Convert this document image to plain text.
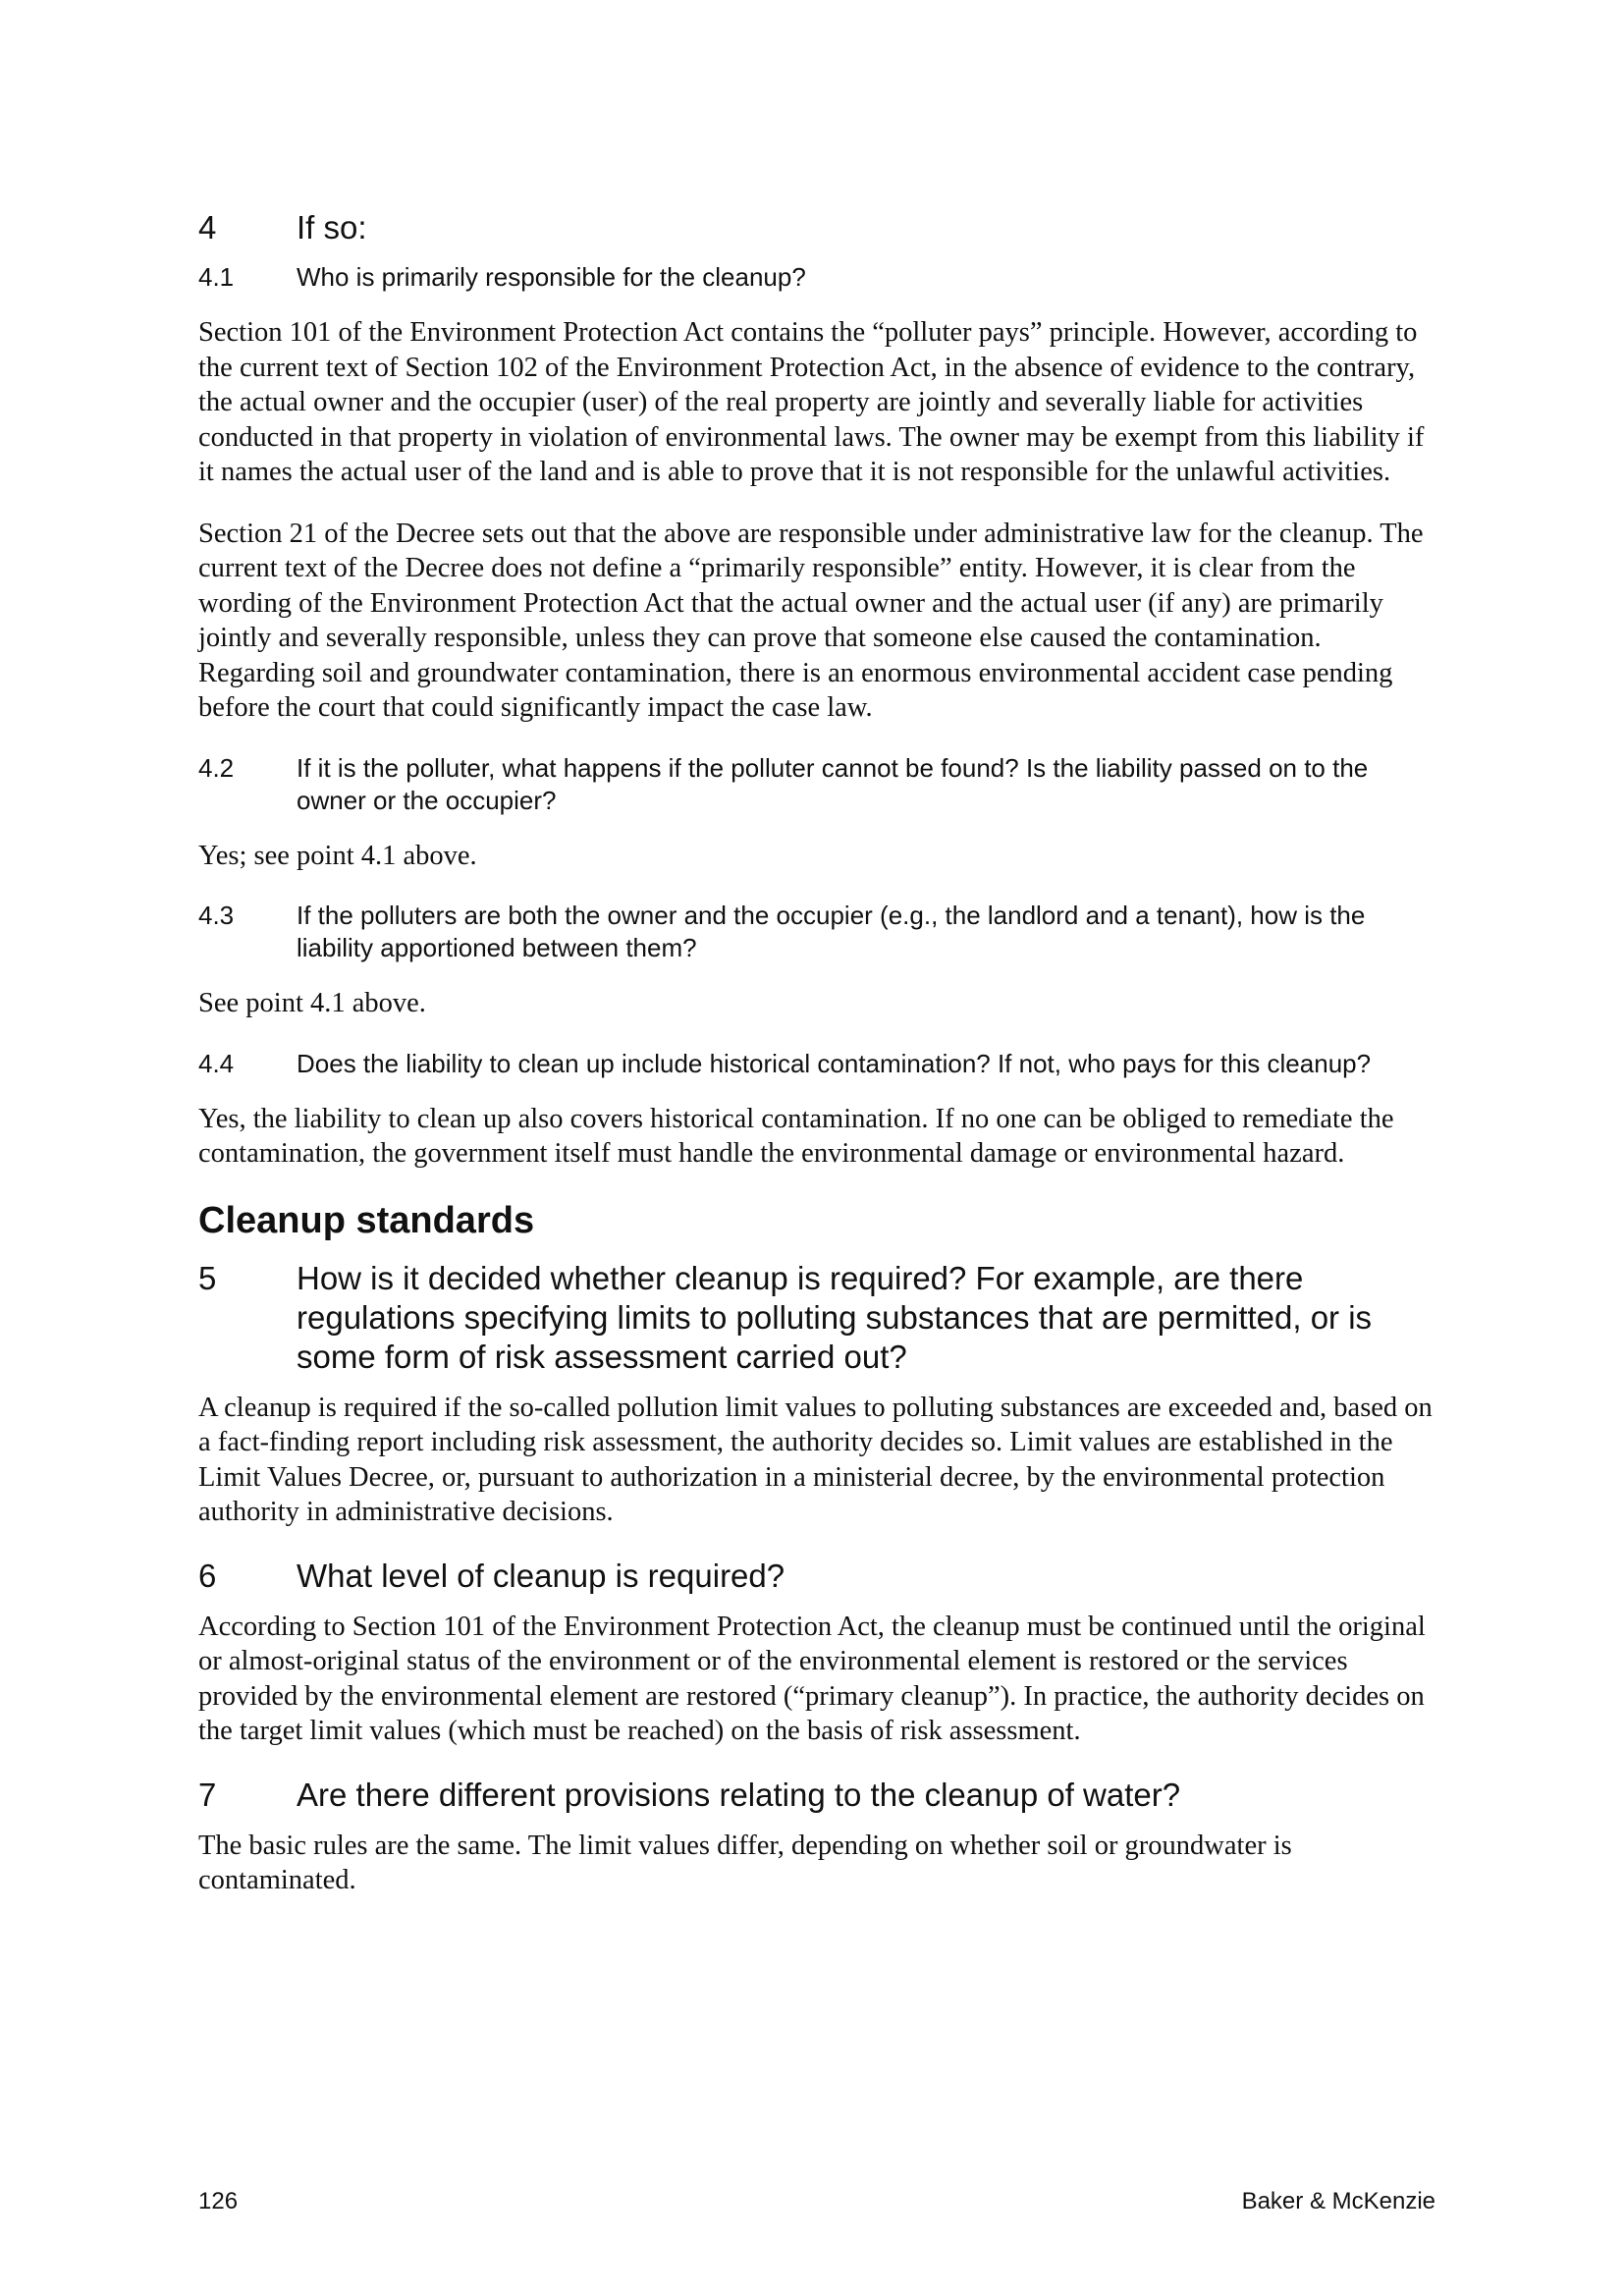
4	If so:
4.1	Who is primarily responsible for the cleanup?

Section 101 of the Environment Protection Act contains the “polluter pays” principle. However, according to the current text of Section 102 of the Environment Protection Act, in the absence of evidence to the contrary, the actual owner and the occupier (user) of the real property are jointly and severally liable for activities conducted in that property in violation of environmental laws. The owner may be exempt from this liability if it names the actual user of the land and is able to prove that it is not responsible for the unlawful activities.

Section 21 of the Decree sets out that the above are responsible under administrative law for the cleanup. The current text of the Decree does not define a “primarily responsible” entity. However, it is clear from the wording of the Environment Protection Act that the actual owner and the actual user (if any) are primarily jointly and severally responsible, unless they can prove that someone else caused the contamination. Regarding soil and groundwater contamination, there is an enormous environmental accident case pending before the court that could significantly impact the case law.

4.2	If it is the polluter, what happens if the polluter cannot be found? Is the liability passed on to the owner or the occupier?

Yes; see point 4.1 above.

4.3	If the polluters are both the owner and the occupier (e.g., the landlord and a tenant), how is the liability apportioned between them?

See point 4.1 above.

4.4	Does the liability to clean up include historical contamination? If not, who pays for this cleanup?

Yes, the liability to clean up also covers historical contamination. If no one can be obliged to remediate the contamination, the government itself must handle the environmental damage or environmental hazard.

Cleanup standards
5	How is it decided whether cleanup is required? For example, are there regulations specifying limits to polluting substances that are permitted, or is some form of risk assessment carried out?

A cleanup is required if the so-called pollution limit values to polluting substances are exceeded and, based on a fact-finding report including risk assessment, the authority decides so. Limit values are established in the Limit Values Decree, or, pursuant to authorization in a ministerial decree, by the environmental protection authority in administrative decisions.

6	What level of cleanup is required?

According to Section 101 of the Environment Protection Act, the cleanup must be continued until the original or almost-original status of the environment or of the environmental element is restored or the services provided by the environmental element are restored (“primary cleanup”). In practice, the authority decides on the target limit values (which must be reached) on the basis of risk assessment.

7	Are there different provisions relating to the cleanup of water?

The basic rules are the same. The limit values differ, depending on whether soil or groundwater is contaminated.

126	Baker & McKenzie
